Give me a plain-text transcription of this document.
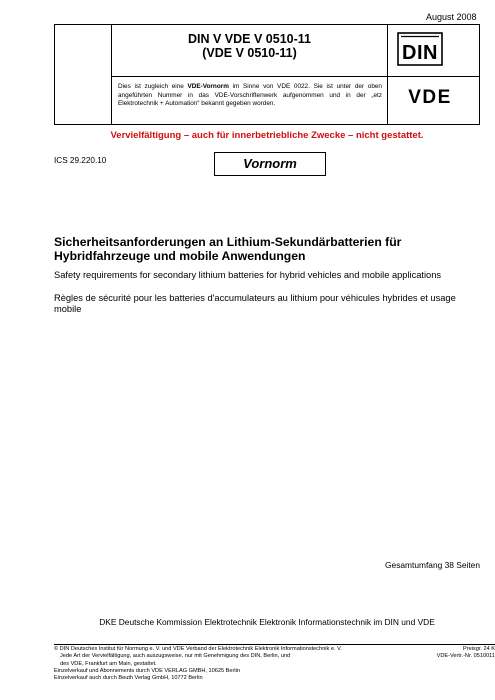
August 2008
DIN V VDE V 0510-11
(VDE V 0510-11)
Dies ist zugleich eine VDE-Vornorm im Sinne von VDE 0022. Sie ist unter der oben angeführten Nummer in das VDE-Vorschriftenwerk aufgenommen und in der „etz Elektrotechnik + Automation“ bekannt gegeben worden.
DIN
VDE
Vervielfältigung – auch für innerbetriebliche Zwecke – nicht gestattet.
ICS 29.220.10	Vornorm
Sicherheitsanforderungen an Lithium-Sekundärbatterien für Hybridfahrzeuge und mobile Anwendungen
Safety requirements for secondary lithium batteries for hybrid vehicles and mobile applications
Règles de sécurité pour les batteries d'accumulateurs au lithium pour véhicules hybrides et usage mobile
Gesamtumfang 38 Seiten
DKE Deutsche Kommission Elektrotechnik Elektronik Informationstechnik im DIN und VDE
© DIN Deutsches Institut für Normung e. V. und VDE Verband der Elektrotechnik Elektronik Informationstechnik e. V.
Jede Art der Vervielfältigung, auch auszugsweise, nur mit Genehmigung des DIN, Berlin, und
des VDE, Frankfurt am Main, gestattet.
Einzelverkauf und Abonnements durch VDE VERLAG GMBH, 10625 Berlin
Einzelverkauf auch durch Beuth Verlag GmbH, 10772 Berlin
Preisgr. 24 K
VDE-Vertr.-Nr. 0510011
